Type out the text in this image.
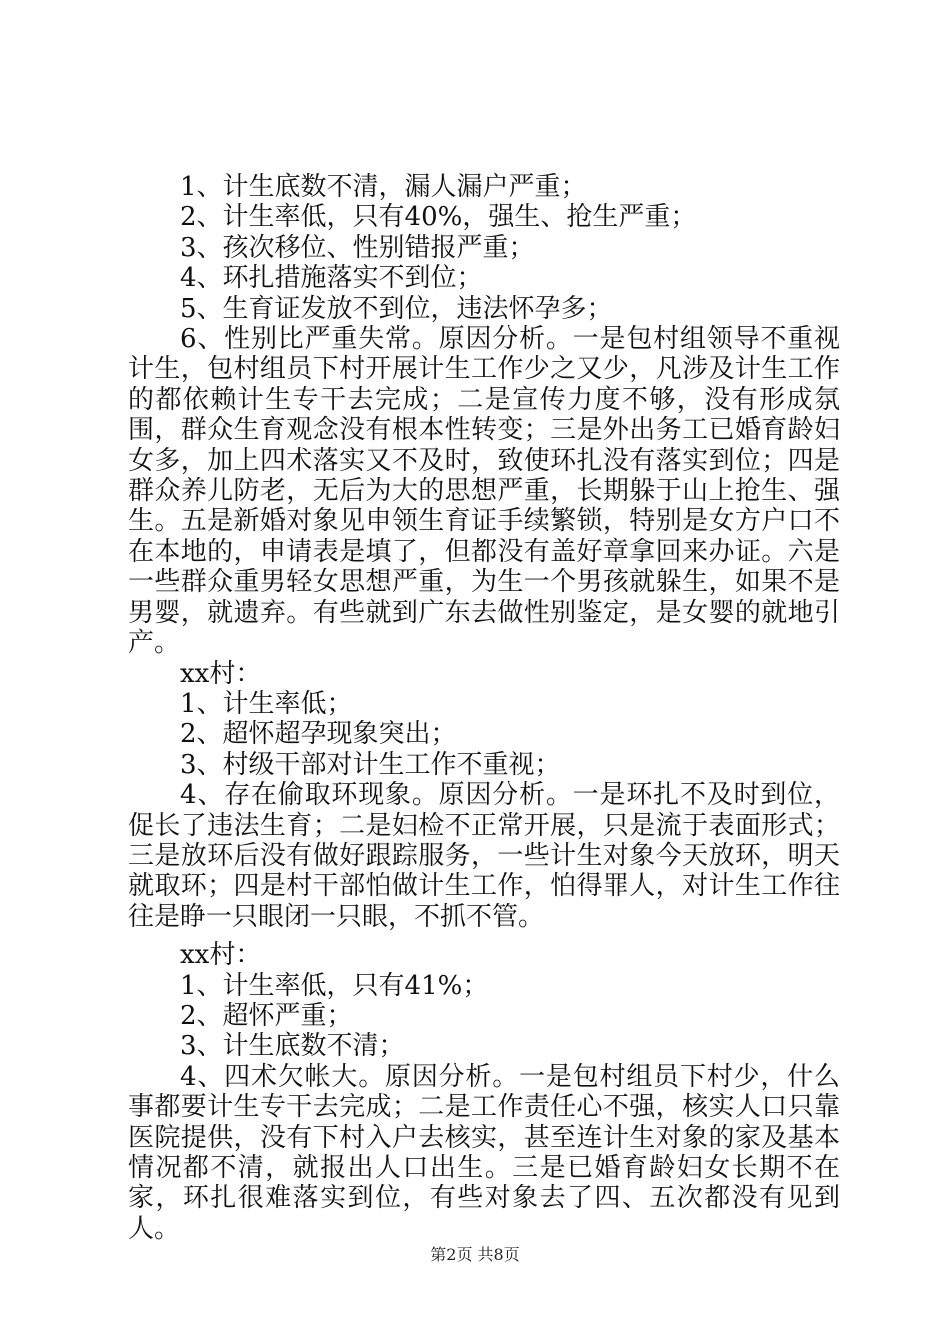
1、计生底数不清，漏人漏户严重；

2、计生率低，只有40%，强生、抢生严重；

3、孩次移位、性别错报严重；

4、环扎措施落实不到位；

5、生育证发放不到位，违法怀孕多；

6、性别比严重失常。原因分析。一是包村组领导不重视计生，包村组员下村开展计生工作少之又少，凡涉及计生工作的都依赖计生专干去完成；二是宣传力度不够，没有形成氛围，群众生育观念没有根本性转变；三是外出务工已婚育龄妇女多，加上四术落实又不及时，致使环扎没有落实到位；四是群众养儿防老，无后为大的思想严重，长期躲于山上抢生、强生。五是新婚对象见申领生育证手续繁锁，特别是女方户口不在本地的，申请表是填了，但都没有盖好章拿回来办证。六是一些群众重男轻女思想严重，为生一个男孩就躲生，如果不是男婴，就遗弃。有些就到广东去做性别鉴定，是女婴的就地引产。

xx村：

1、计生率低；

2、超怀超孕现象突出；

3、村级干部对计生工作不重视；

4、存在偷取环现象。原因分析。一是环扎不及时到位，促长了违法生育；二是妇检不正常开展，只是流于表面形式；三是放环后没有做好跟踪服务，一些计生对象今天放环，明天就取环；四是村干部怕做计生工作，怕得罪人，对计生工作往往是睁一只眼闭一只眼，不抓不管。

xx村：

1、计生率低，只有41%；

2、超怀严重；

3、计生底数不清；

4、四术欠帐大。原因分析。一是包村组员下村少，什么事都要计生专干去完成；二是工作责任心不强，核实人口只靠医院提供，没有下村入户去核实，甚至连计生对象的家及基本情况都不清，就报出人口出生。三是已婚育龄妇女长期不在家，环扎很难落实到位，有些对象去了四、五次都没有见到人。

第2页 共8页
